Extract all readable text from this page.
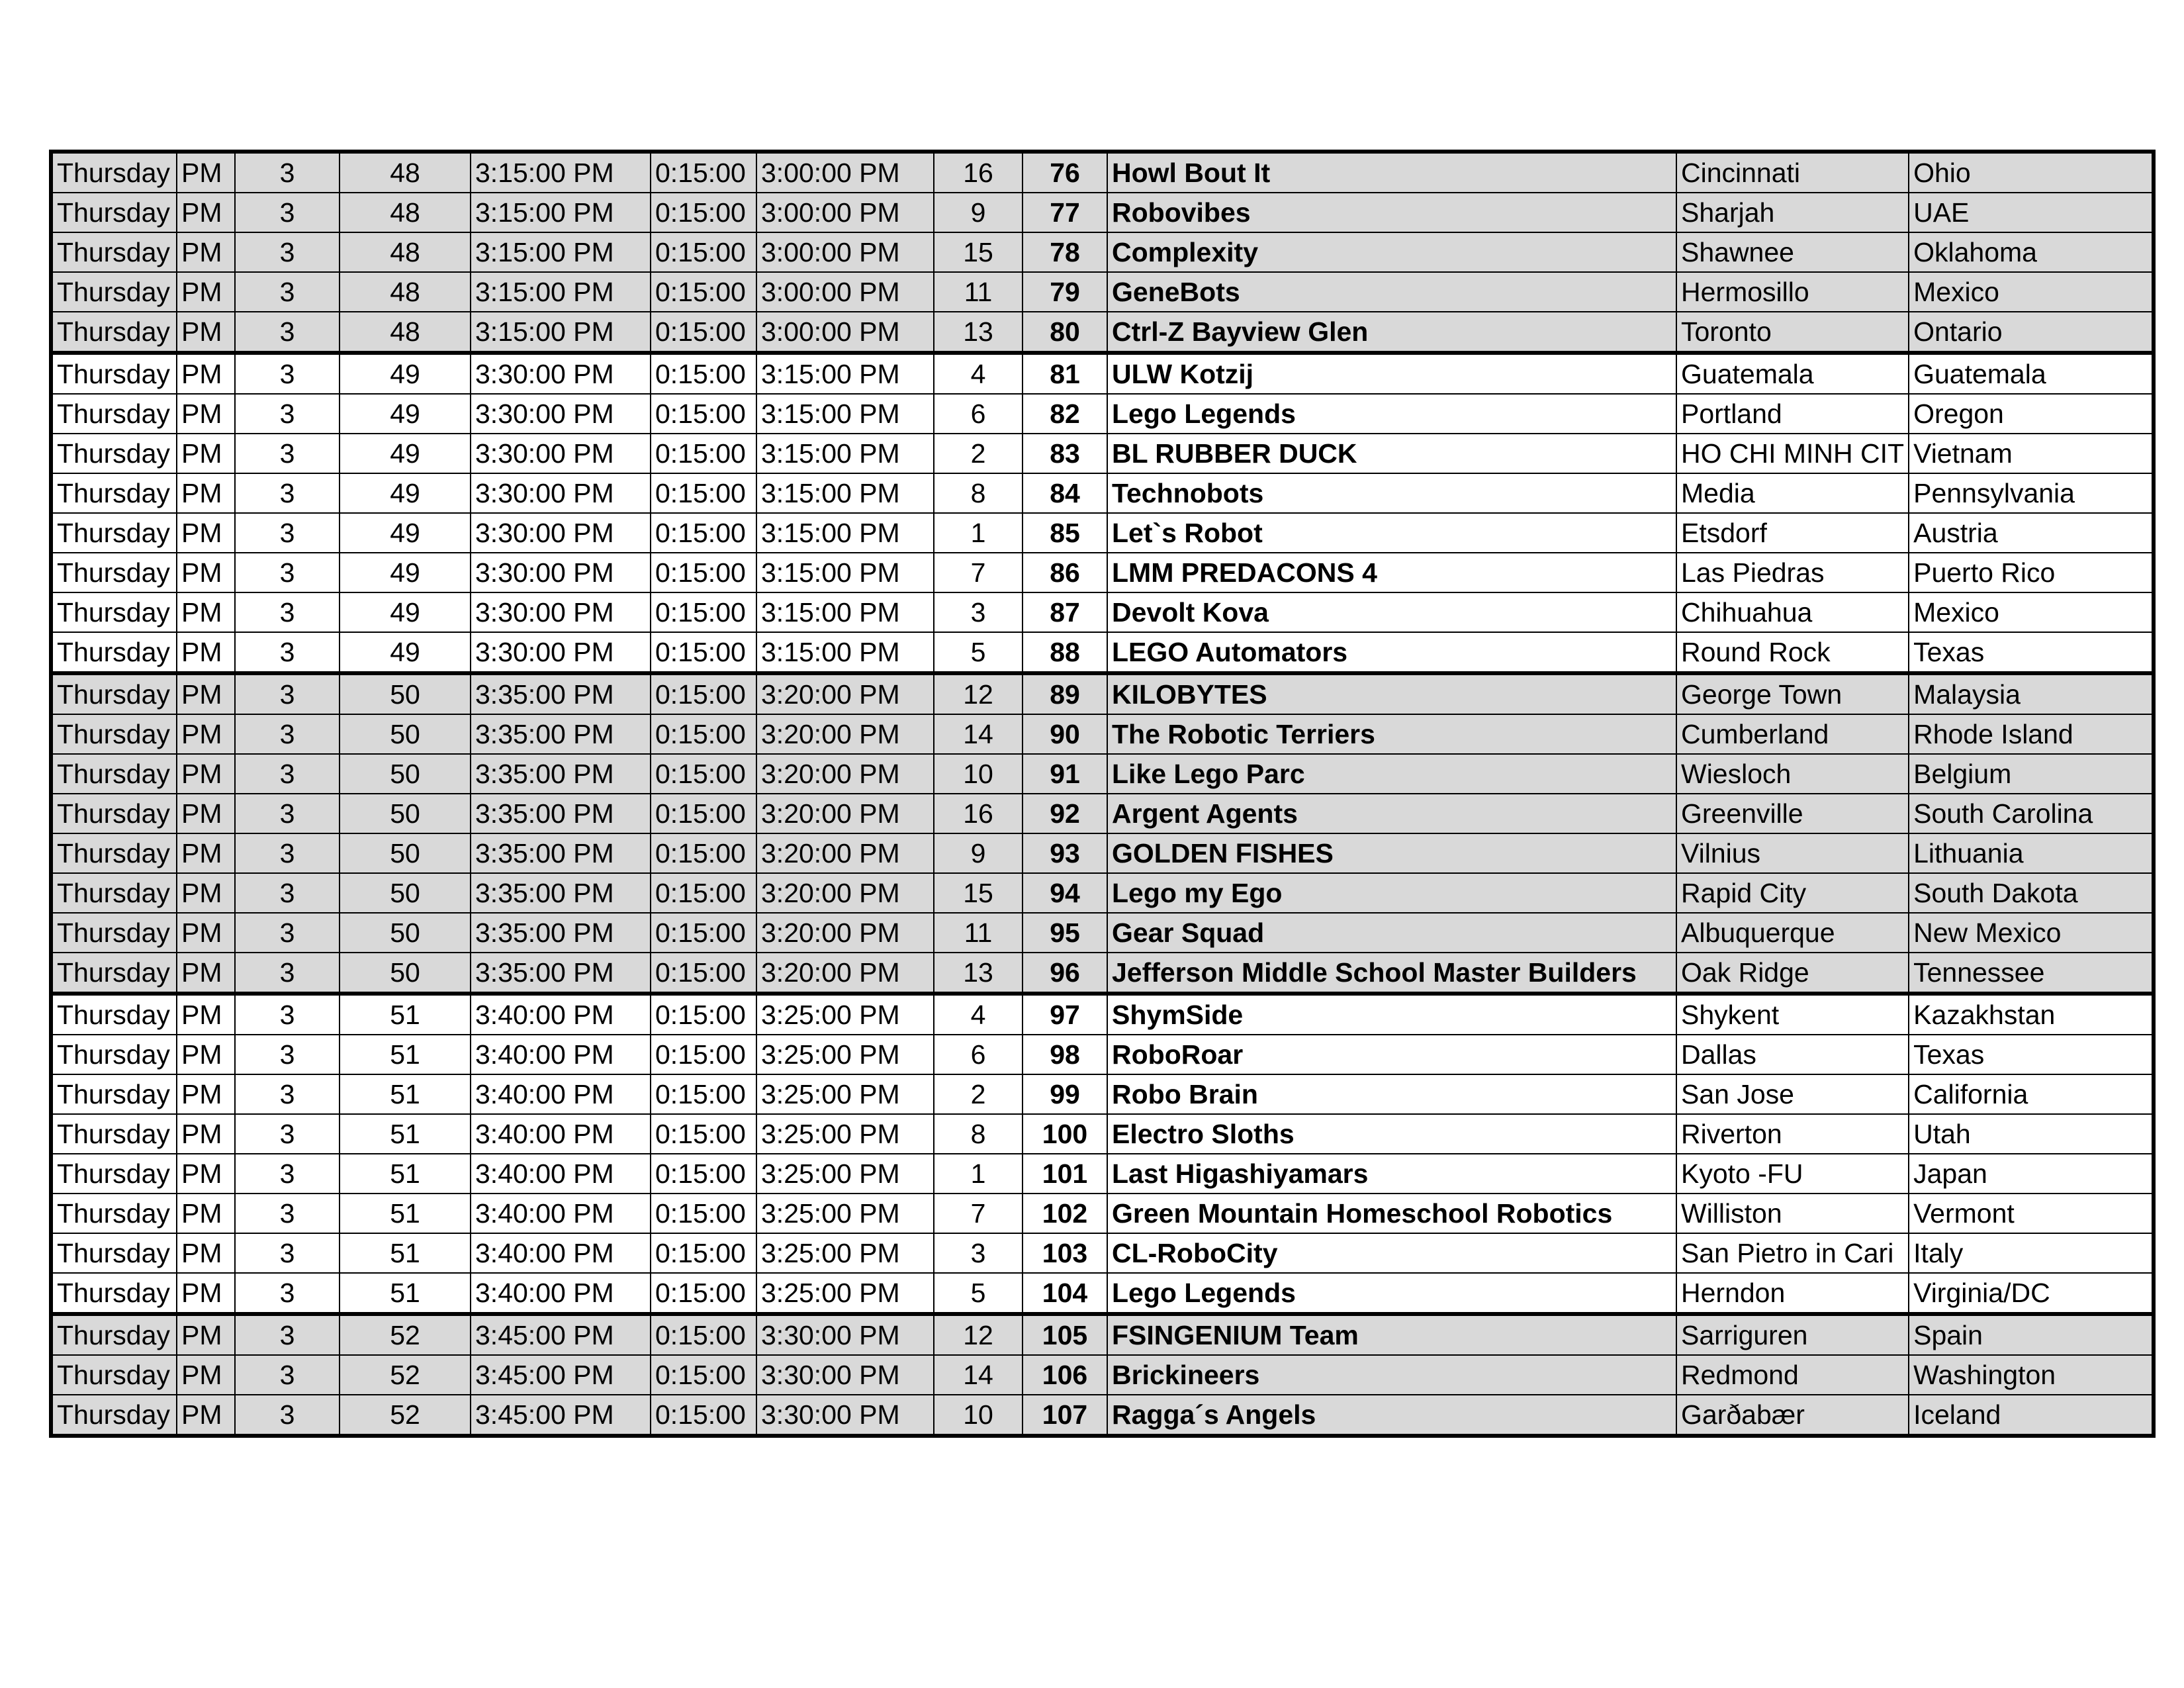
Thursday	PM	3	48	3:15:00 PM	0:15:00	3:00:00 PM	16	76	Howl Bout It	Cincinnati	Ohio
Thursday	PM	3	48	3:15:00 PM	0:15:00	3:00:00 PM	9	77	Robovibes	Sharjah	UAE
Thursday	PM	3	48	3:15:00 PM	0:15:00	3:00:00 PM	15	78	Complexity	Shawnee	Oklahoma
Thursday	PM	3	48	3:15:00 PM	0:15:00	3:00:00 PM	11	79	GeneBots	Hermosillo	Mexico
Thursday	PM	3	48	3:15:00 PM	0:15:00	3:00:00 PM	13	80	Ctrl-Z Bayview Glen	Toronto	Ontario
Thursday	PM	3	49	3:30:00 PM	0:15:00	3:15:00 PM	4	81	ULW Kotzij	Guatemala	Guatemala
Thursday	PM	3	49	3:30:00 PM	0:15:00	3:15:00 PM	6	82	Lego Legends	Portland	Oregon
Thursday	PM	3	49	3:30:00 PM	0:15:00	3:15:00 PM	2	83	BL RUBBER DUCK	HO CHI MINH CIT	Vietnam
Thursday	PM	3	49	3:30:00 PM	0:15:00	3:15:00 PM	8	84	Technobots	Media	Pennsylvania
Thursday	PM	3	49	3:30:00 PM	0:15:00	3:15:00 PM	1	85	Let`s Robot	Etsdorf	Austria
Thursday	PM	3	49	3:30:00 PM	0:15:00	3:15:00 PM	7	86	LMM PREDACONS 4	Las Piedras	Puerto Rico
Thursday	PM	3	49	3:30:00 PM	0:15:00	3:15:00 PM	3	87	Devolt Kova	Chihuahua	Mexico
Thursday	PM	3	49	3:30:00 PM	0:15:00	3:15:00 PM	5	88	LEGO Automators	Round Rock	Texas
Thursday	PM	3	50	3:35:00 PM	0:15:00	3:20:00 PM	12	89	KILOBYTES	George Town	Malaysia
Thursday	PM	3	50	3:35:00 PM	0:15:00	3:20:00 PM	14	90	The Robotic Terriers	Cumberland	Rhode Island
Thursday	PM	3	50	3:35:00 PM	0:15:00	3:20:00 PM	10	91	Like Lego Parc	Wiesloch	Belgium
Thursday	PM	3	50	3:35:00 PM	0:15:00	3:20:00 PM	16	92	Argent Agents	Greenville	South Carolina
Thursday	PM	3	50	3:35:00 PM	0:15:00	3:20:00 PM	9	93	GOLDEN FISHES	Vilnius	Lithuania
Thursday	PM	3	50	3:35:00 PM	0:15:00	3:20:00 PM	15	94	Lego my Ego	Rapid City	South Dakota
Thursday	PM	3	50	3:35:00 PM	0:15:00	3:20:00 PM	11	95	Gear Squad	Albuquerque	New Mexico
Thursday	PM	3	50	3:35:00 PM	0:15:00	3:20:00 PM	13	96	Jefferson Middle School Master Builders	Oak Ridge	Tennessee
Thursday	PM	3	51	3:40:00 PM	0:15:00	3:25:00 PM	4	97	ShymSide	Shykent	Kazakhstan
Thursday	PM	3	51	3:40:00 PM	0:15:00	3:25:00 PM	6	98	RoboRoar	Dallas	Texas
Thursday	PM	3	51	3:40:00 PM	0:15:00	3:25:00 PM	2	99	Robo Brain	San Jose	California
Thursday	PM	3	51	3:40:00 PM	0:15:00	3:25:00 PM	8	100	Electro Sloths	Riverton	Utah
Thursday	PM	3	51	3:40:00 PM	0:15:00	3:25:00 PM	1	101	Last Higashiyamars	Kyoto -FU	Japan
Thursday	PM	3	51	3:40:00 PM	0:15:00	3:25:00 PM	7	102	Green Mountain Homeschool Robotics	Williston	Vermont
Thursday	PM	3	51	3:40:00 PM	0:15:00	3:25:00 PM	3	103	CL-RoboCity	San Pietro in Cari	Italy
Thursday	PM	3	51	3:40:00 PM	0:15:00	3:25:00 PM	5	104	Lego Legends	Herndon	Virginia/DC
Thursday	PM	3	52	3:45:00 PM	0:15:00	3:30:00 PM	12	105	FSINGENIUM Team	Sarriguren	Spain
Thursday	PM	3	52	3:45:00 PM	0:15:00	3:30:00 PM	14	106	Brickineers	Redmond	Washington
Thursday	PM	3	52	3:45:00 PM	0:15:00	3:30:00 PM	10	107	Ragga´s Angels	Garðabær	Iceland
